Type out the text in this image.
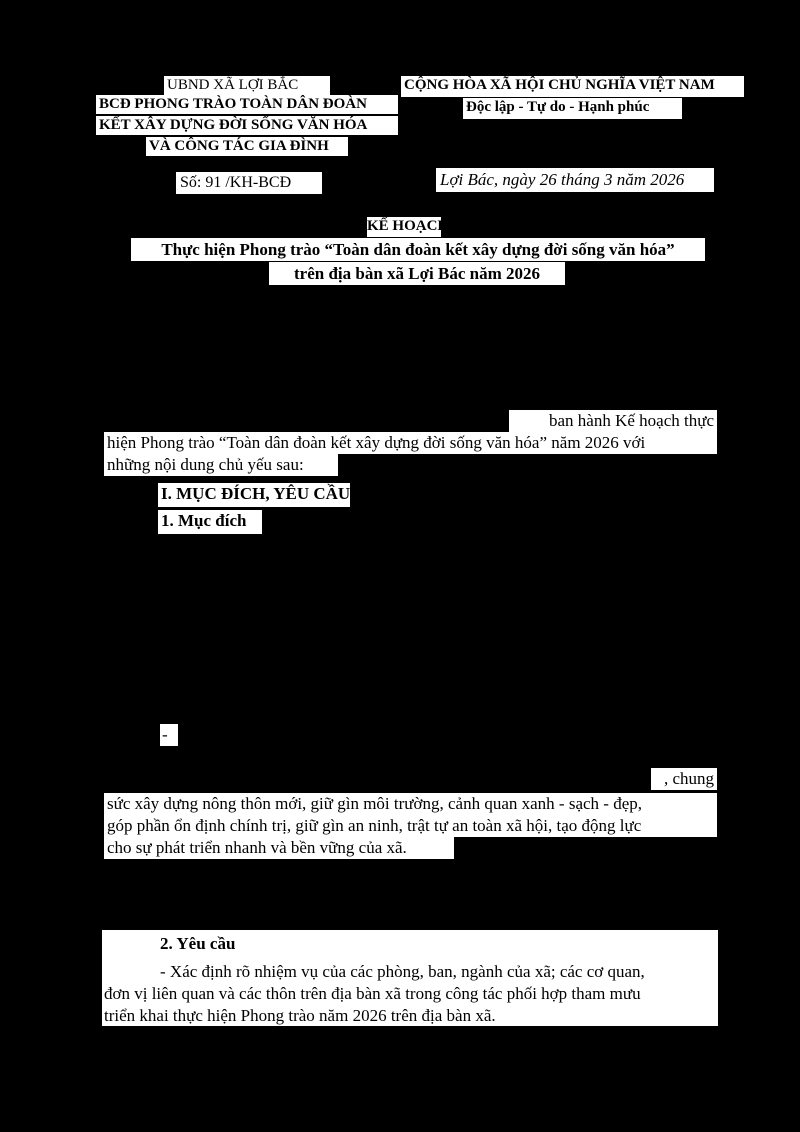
UBND XÃ LỢI BẮC
BCĐ PHONG TRÀO TOÀN DÂN ĐOÀN
KẾT XÂY DỰNG ĐỜI SỐNG VĂN HÓA
VÀ CÔNG TÁC GIA ĐÌNH
Số: 91 /KH-BCĐ
CỘNG HÒA XÃ HỘI CHỦ NGHĨA VIỆT NAM
Độc lập - Tự do - Hạnh phúc
Lợi Bác, ngày 26 tháng 3 năm 2026
KẾ HOẠCH
Thực hiện Phong trào “Toàn dân đoàn kết xây dựng đời sống văn hóa”
trên địa bàn xã Lợi Bác năm 2026
ban hành Kế hoạch thực
hiện Phong trào “Toàn dân đoàn kết xây dựng đời sống văn hóa” năm 2026 với
những nội dung chủ yếu sau:
I. MỤC ĐÍCH, YÊU CẦU
1. Mục đích
-
, chung
sức xây dựng nông thôn mới, giữ gìn môi trường, cảnh quan xanh - sạch - đẹp,
góp phần ổn định chính trị, giữ gìn an ninh, trật tự an toàn xã hội, tạo động lực
cho sự phát triển nhanh và bền vững của xã.
2. Yêu cầu
- Xác định rõ nhiệm vụ của các phòng, ban, ngành của xã; các cơ quan,
đơn vị liên quan và các thôn trên địa bàn xã trong công tác phối hợp tham mưu
triển khai thực hiện Phong trào năm 2026 trên địa bàn xã.
